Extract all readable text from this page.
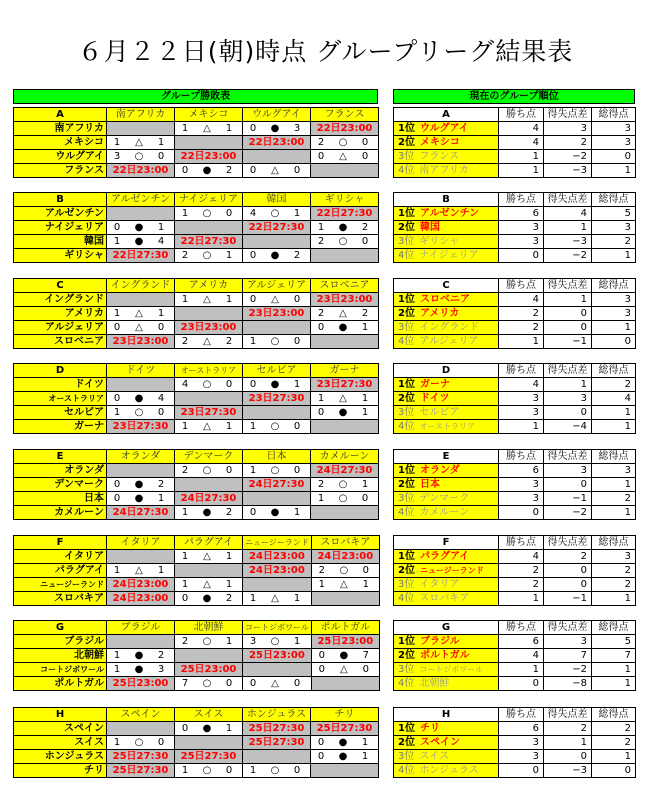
６月２２日(朝)時点 グループリーグ結果表
グループ勝敗表	現在のグループ順位
A	南アフリカ	メキシコ	ウルグアイ	フランス
南アフリカ		1 △ 1	0 ● 3	22日23:00
メキシコ	1 △ 1		22日23:00	2 ○ 0
ウルグアイ	3 ○ 0	22日23:00		0 △ 0
フランス	22日23:00	0 ● 2	0 △ 0	
A	勝ち点	得失点差	総得点
1位 ウルグアイ	4	3	3
2位 メキシコ	4	2	3
3位 フランス	1	−2	0
4位 南アフリカ	1	−3	1
B	アルゼンチン	ナイジェリア	韓国	ギリシャ
アルゼンチン		1 ○ 0	4 ○ 1	22日27:30
ナイジェリア	0 ● 1		22日27:30	1 ● 2
韓国	1 ● 4	22日27:30		2 ○ 0
ギリシャ	22日27:30	2 ○ 1	0 ● 2	
B	勝ち点	得失点差	総得点
1位 アルゼンチン	6	4	5
2位 韓国	3	1	3
3位 ギリシャ	3	−3	2
4位 ナイジェリア	0	−2	1
C	イングランド	アメリカ	アルジェリア	スロベニア
イングランド		1 △ 1	0 △ 0	23日23:00
アメリカ	1 △ 1		23日23:00	2 △ 2
アルジェリア	0 △ 0	23日23:00		0 ● 1
スロベニア	23日23:00	2 △ 2	1 ○ 0	
C	勝ち点	得失点差	総得点
1位 スロベニア	4	1	3
2位 アメリカ	2	0	3
3位 イングランド	2	0	1
4位 アルジェリア	1	−1	0
D	ドイツ	オーストラリア	セルビア	ガーナ
ドイツ		4 ○ 0	0 ● 1	23日27:30
オーストラリア	0 ● 4		23日27:30	1 △ 1
セルビア	1 ○ 0	23日27:30		0 ● 1
ガーナ	23日27:30	1 △ 1	1 ○ 0	
D	勝ち点	得失点差	総得点
1位 ガーナ	4	1	2
2位 ドイツ	3	3	4
3位 セルビア	3	0	1
4位 オーストラリア	1	−4	1
E	オランダ	デンマーク	日本	カメルーン
オランダ		2 ○ 0	1 ○ 0	24日27:30
デンマーク	0 ● 2		24日27:30	2 ○ 1
日本	0 ● 1	24日27:30		1 ○ 0
カメルーン	24日27:30	1 ● 2	0 ● 1	
E	勝ち点	得失点差	総得点
1位 オランダ	6	3	3
2位 日本	3	0	1
3位 デンマーク	3	−1	2
4位 カメルーン	0	−2	1
F	イタリア	パラグアイ	ニュージーランド	スロバキア
イタリア		1 △ 1	24日23:00	24日23:00
パラグアイ	1 △ 1		24日23:00	2 ○ 0
ニュージーランド	24日23:00	1 △ 1		1 △ 1
スロバキア	24日23:00	0 ● 2	1 △ 1	
F	勝ち点	得失点差	総得点
1位 パラグアイ	4	2	3
2位 ニュージーランド	2	0	2
3位 イタリア	2	0	2
4位 スロバキア	1	−1	1
G	ブラジル	北朝鮮	コートジボワール	ポルトガル
ブラジル		2 ○ 1	3 ○ 1	25日23:00
北朝鮮	1 ● 2		25日23:00	0 ● 7
コートジボワール	1 ● 3	25日23:00		0 △ 0
ポルトガル	25日23:00	7 ○ 0	0 △ 0	
G	勝ち点	得失点差	総得点
1位 ブラジル	6	3	5
2位 ポルトガル	4	7	7
3位 コートジボワール	1	−2	1
4位 北朝鮮	0	−8	1
H	スペイン	スイス	ホンジュラス	チリ
スペイン		0 ● 1	25日27:30	25日27:30
スイス	1 ○ 0		25日27:30	0 ● 1
ホンジュラス	25日27:30	25日27:30		0 ● 1
チリ	25日27:30	1 ○ 0	1 ○ 0	
H	勝ち点	得失点差	総得点
1位 チリ	6	2	2
2位 スペイン	3	1	2
3位 スイス	3	0	1
4位 ホンジュラス	0	−3	0
